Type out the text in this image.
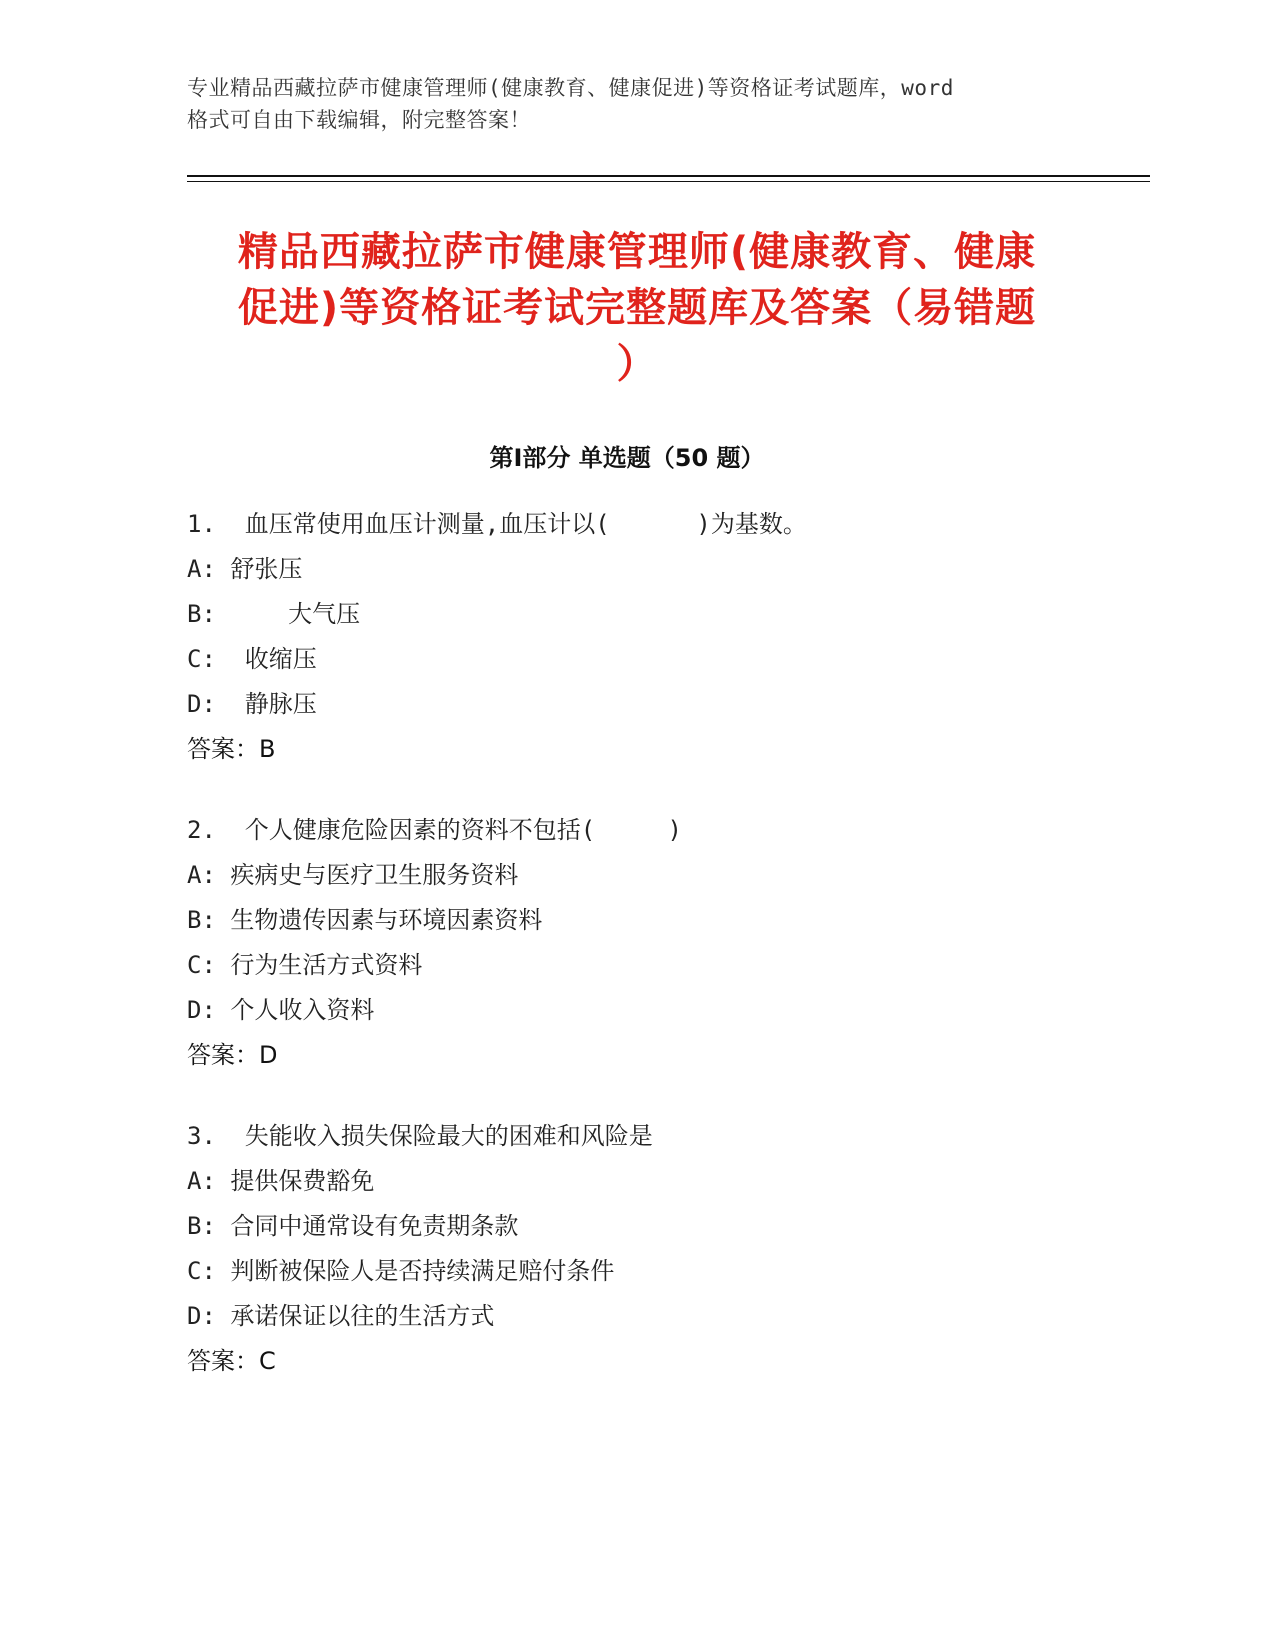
专业精品西藏拉萨市健康管理师(健康教育、健康促进)等资格证考试题库，word
格式可自由下载编辑，附完整答案！
精品西藏拉萨市健康管理师(健康教育、健康
促进)等资格证考试完整题库及答案（易错题
）
第Ⅰ部分 单选题（50 题）
1.  血压常使用血压计测量,血压计以(      )为基数。
A: 舒张压
B:     大气压
C:  收缩压
D:  静脉压
答案：B
2.  个人健康危险因素的资料不包括(     )
A: 疾病史与医疗卫生服务资料
B: 生物遗传因素与环境因素资料
C: 行为生活方式资料
D: 个人收入资料
答案：D
3.  失能收入损失保险最大的困难和风险是
A: 提供保费豁免
B: 合同中通常设有免责期条款
C: 判断被保险人是否持续满足赔付条件
D: 承诺保证以往的生活方式
答案：C
